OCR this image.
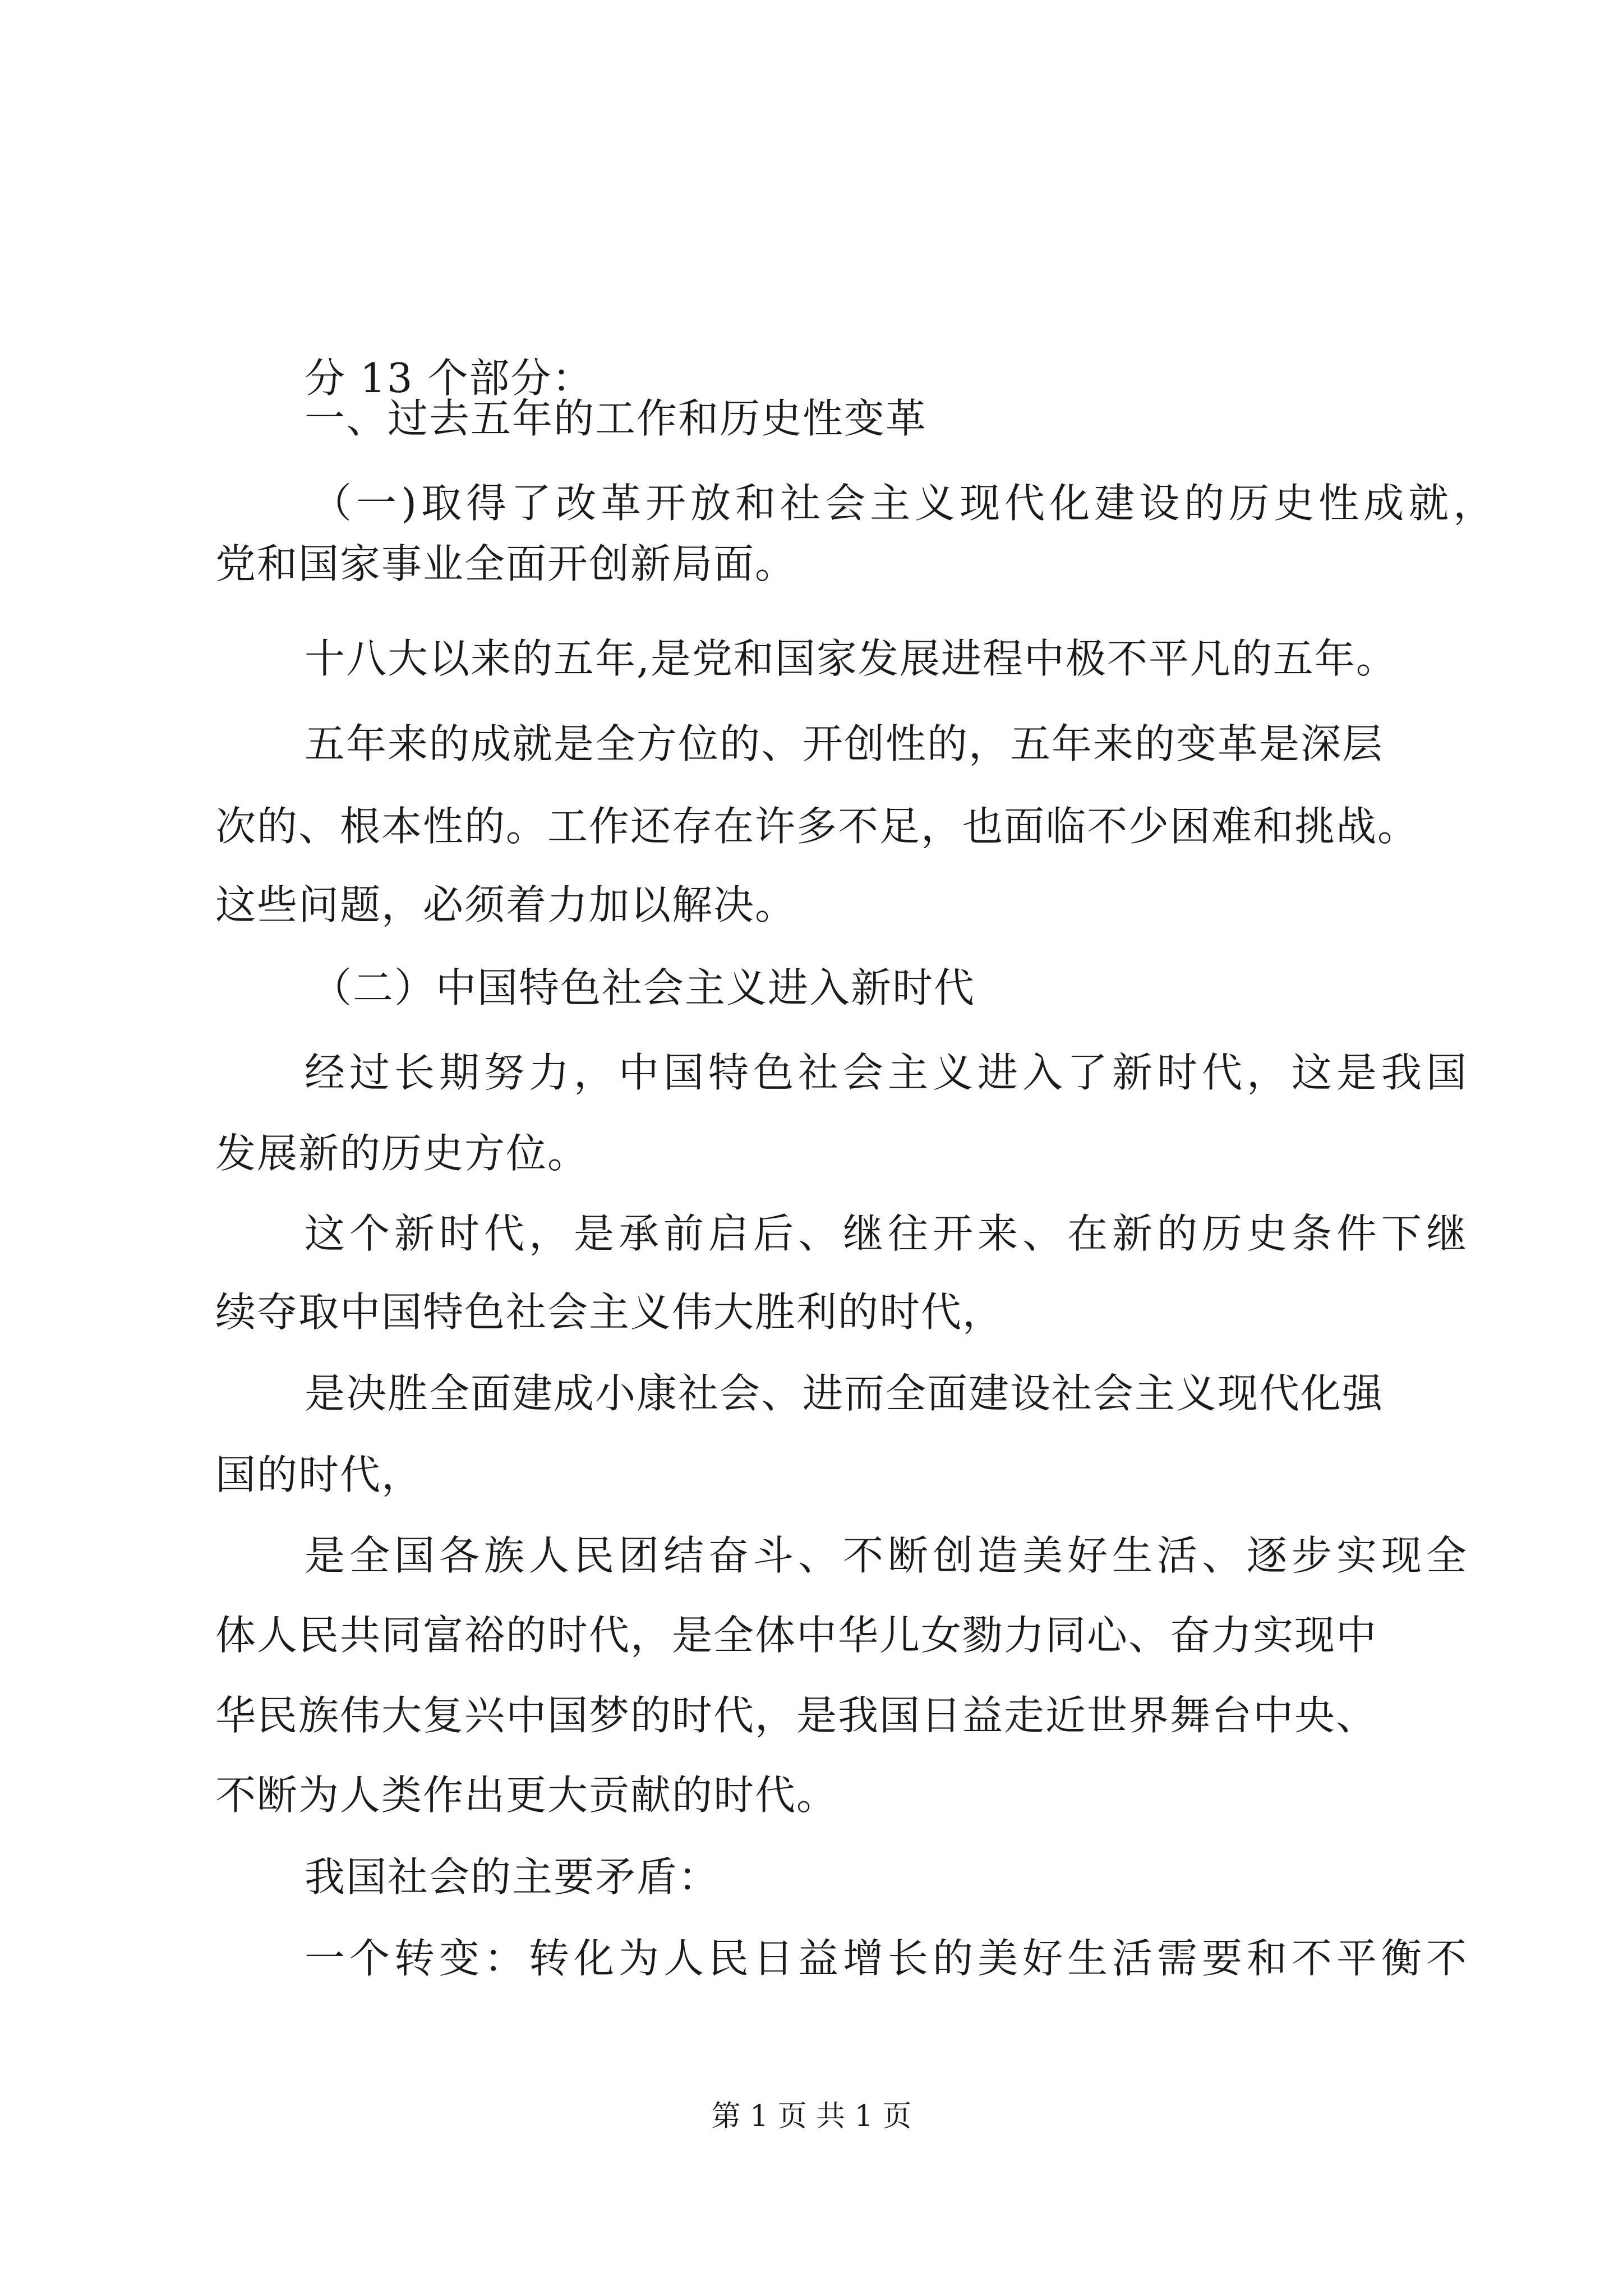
分 13 个部分：
一、过去五年的工作和历史性变革
（一)取得了改革开放和社会主义现代化建设的历史性成就，
党和国家事业全面开创新局面。
十八大以来的五年,是党和国家发展进程中极不平凡的五年。
五年来的成就是全方位的、开创性的，五年来的变革是深层
次的、根本性的。工作还存在许多不足，也面临不少困难和挑战。
这些问题，必须着力加以解决。
（二）中国特色社会主义进入新时代
经过长期努力，中国特色社会主义进入了新时代，这是我国
发展新的历史方位。
这个新时代，是承前启后、继往开来、在新的历史条件下继
续夺取中国特色社会主义伟大胜利的时代，
是决胜全面建成小康社会、进而全面建设社会主义现代化强
国的时代，
是全国各族人民团结奋斗、不断创造美好生活、逐步实现全
体人民共同富裕的时代，是全体中华儿女勠力同心、奋力实现中
华民族伟大复兴中国梦的时代，是我国日益走近世界舞台中央、
不断为人类作出更大贡献的时代。
我国社会的主要矛盾：
一个转变：转化为人民日益增长的美好生活需要和不平衡不
第 1 页 共 1 页
